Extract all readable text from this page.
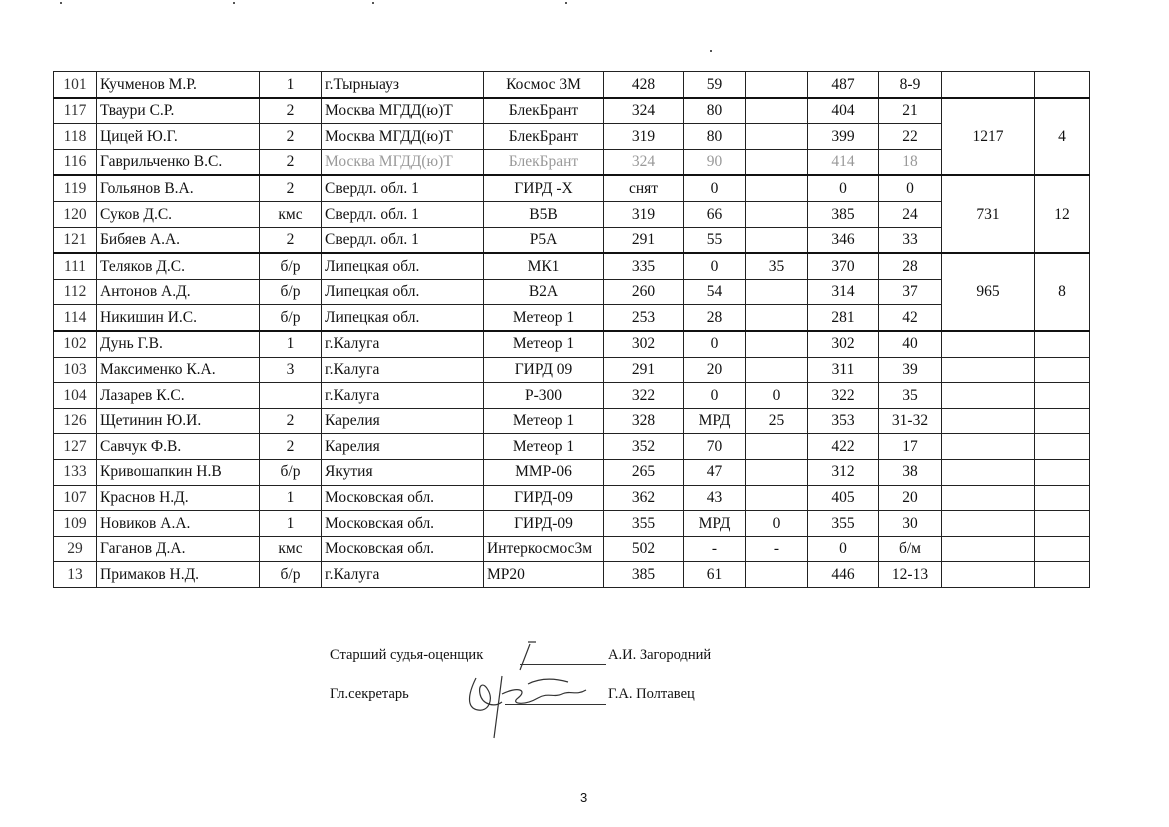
101	Кучменов М.Р.	1	г.Тырныауз	Космос 3М	428	59		487	8-9		
117	Тваури С.Р.	2	Москва МГДД(ю)Т	БлекБрант	324	80		404	21	1217	4
118	Цицей Ю.Г.	2	Москва МГДД(ю)Т	БлекБрант	319	80		399	22		
116	Гаврильченко В.С.	2	Москва МГДД(ю)Т	БлекБрант	324	90		414	18		
119	Гольянов В.А.	2	Свердл. обл. 1	ГИРД -Х	снят	0		0	0	731	12
120	Суков Д.С.	кмс	Свердл. обл. 1	В5В	319	66		385	24		
121	Бибяев А.А.	2	Свердл. обл. 1	Р5А	291	55		346	33		
111	Теляков Д.С.	б/р	Липецкая обл.	МК1	335	0	35	370	28	965	8
112	Антонов А.Д.	б/р	Липецкая обл.	В2А	260	54		314	37		
114	Никишин И.С.	б/р	Липецкая обл.	Метеор 1	253	28		281	42		
102	Дунь Г.В.	1	г.Калуга	Метеор 1	302	0		302	40		
103	Максименко К.А.	3	г.Калуга	ГИРД 09	291	20		311	39		
104	Лазарев К.С.		г.Калуга	Р-300	322	0	0	322	35		
126	Щетинин Ю.И.	2	Карелия	Метеор 1	328	МРД	25	353	31-32		
127	Савчук Ф.В.	2	Карелия	Метеор 1	352	70		422	17		
133	Кривошапкин Н.В	б/р	Якутия	ММР-06	265	47		312	38		
107	Краснов Н.Д.	1	Московская обл.	ГИРД-09	362	43		405	20		
109	Новиков А.А.	1	Московская обл.	ГИРД-09	355	МРД	0	355	30		
29	Гаганов Д.А.	кмс	Московская обл.	Интеркосмос3м	502	-	-	0	б/м		
13	Примаков Н.Д.	б/р	г.Калуга	МР20	385	61		446	12-13		
Старший судья-оценщик	А.И. Загородний
Гл.секретарь	Г.А. Полтавец
3
